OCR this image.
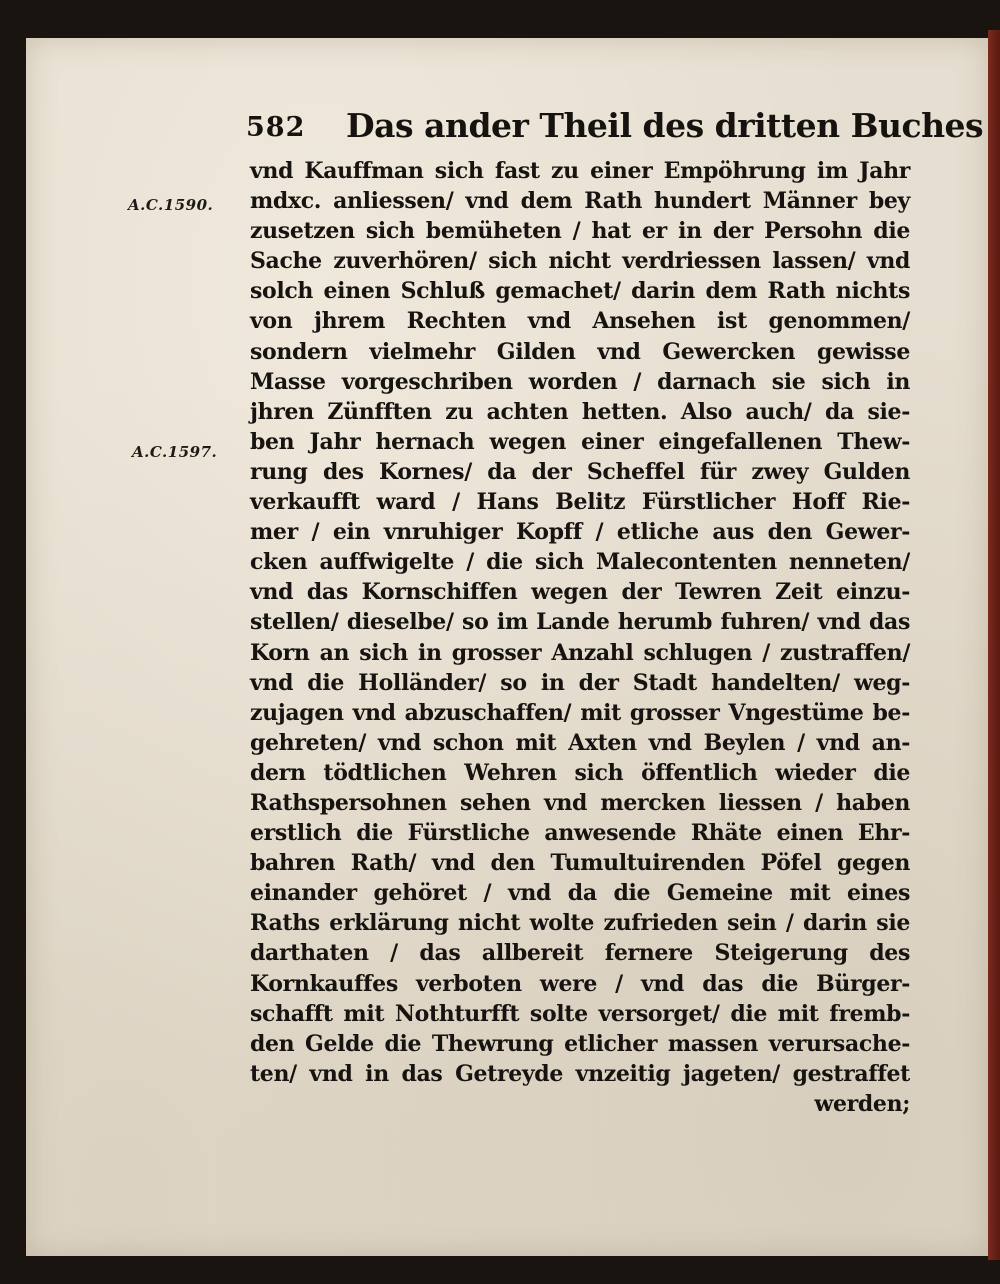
582 Das ander Theil des dritten Buches
A.C.1590.
A.C.1597.
vnd Kauffman sich fast zu einer Empöhrung im Jahr
mdxc. anliessen/ vnd dem Rath hundert Männer bey
zusetzen sich bemüheten / hat er in der Persohn die
Sache zuverhören/ sich nicht verdriessen lassen/ vnd
solch einen Schluß gemachet/ darin dem Rath nichts
von jhrem Rechten vnd Ansehen ist genommen/
sondern vielmehr Gilden vnd Gewercken gewisse
Masse vorgeschriben worden / darnach sie sich in
jhren Zünfften zu achten hetten. Also auch/ da sie-
ben Jahr hernach wegen einer eingefallenen Thew-
rung des Kornes/ da der Scheffel für zwey Gulden
verkaufft ward / Hans Belitz Fürstlicher Hoff Rie-
mer / ein vnruhiger Kopff / etliche aus den Gewer-
cken auffwigelte / die sich Malecontenten nenneten/
vnd das Kornschiffen wegen der Tewren Zeit einzu-
stellen/ dieselbe/ so im Lande herumb fuhren/ vnd das
Korn an sich in grosser Anzahl schlugen / zustraffen/
vnd die Holländer/ so in der Stadt handelten/ weg-
zujagen vnd abzuschaffen/ mit grosser Vngestüme be-
gehreten/ vnd schon mit Axten vnd Beylen / vnd an-
dern tödtlichen Wehren sich öffentlich wieder die
Rathspersohnen sehen vnd mercken liessen / haben
erstlich die Fürstliche anwesende Rhäte einen Ehr-
bahren Rath/ vnd den Tumultuirenden Pöfel gegen
einander gehöret / vnd da die Gemeine mit eines
Raths erklärung nicht wolte zufrieden sein / darin sie
darthaten / das allbereit fernere Steigerung des
Kornkauffes verboten were / vnd das die Bürger-
schafft mit Nothturfft solte versorget/ die mit fremb-
den Gelde die Thewrung etlicher massen verursache-
ten/ vnd in das Getreyde vnzeitig jageten/ gestraffet
werden;
